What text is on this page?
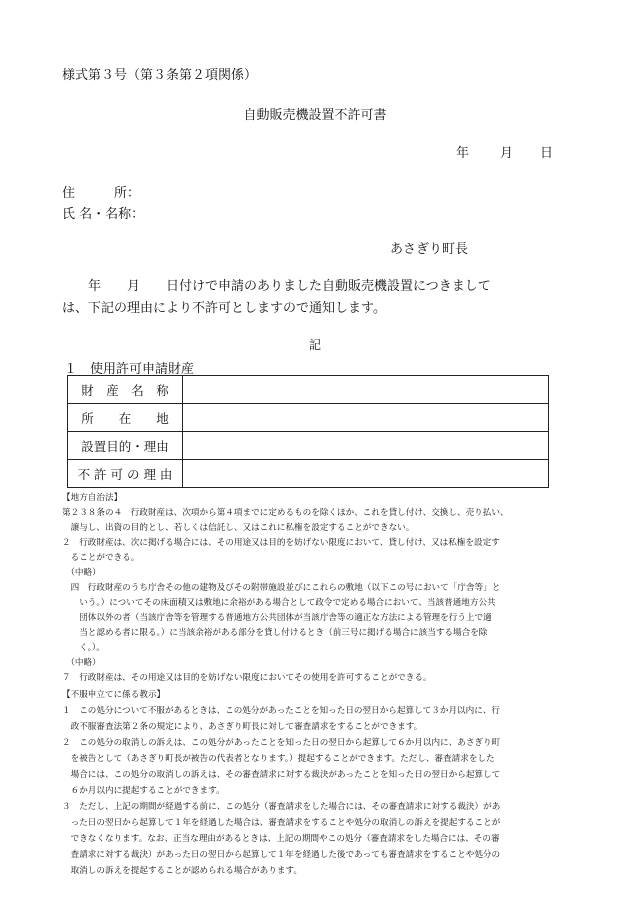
様式第３号（第３条第２項関係）
自動販売機設置不許可書
年 月 日
住　　　所：
氏 名・名称：
あさぎり町長

　　年　　月　　日付けで申請のありました自動販売機設置につきまして

は、下記の理由により不許可としますので通知します。

記
１　使用許可申請財産
財　産　名　称	
所　　在　　地	
設置目的・理由	
不 許 可 の 理 由	
【地方自治法】
第２３８条の４　行政財産は、次項から第４項までに定めるものを除くほか、これを貸し付け、交換し、売り払い、
　譲与し、出資の目的とし、若しくは信託し、又はこれに私権を設定することができない。
２　行政財産は、次に掲げる場合には、その用途又は目的を妨げない限度において、貸し付け、又は私権を設定す
　ることができる。
　（中略）
　四　行政財産のうち庁舎その他の建物及びその附帯施設並びにこれらの敷地（以下この号において「庁舎等」と
　　いう。）についてその床面積又は敷地に余裕がある場合として政令で定める場合において、当該普通地方公共
　　団体以外の者（当該庁舎等を管理する普通地方公共団体が当該庁舎等の適正な方法による管理を行う上で適
　　当と認める者に限る。）に当該余裕がある部分を貸し付けるとき（前三号に掲げる場合に該当する場合を除
　　く。）。
　（中略）
７　行政財産は、その用途又は目的を妨げない限度においてその使用を許可することができる。
【不服申立てに係る教示】
１　この処分について不服があるときは、この処分があったことを知った日の翌日から起算して３か月以内に、行
　政不服審査法第２条の規定により、あさぎり町長に対して審査請求をすることができます。
２　この処分の取消しの訴えは、この処分があったことを知った日の翌日から起算して６か月以内に、あさぎり町
　を被告として（あさぎり町長が被告の代表者となります。）提起することができます。ただし、審査請求をした
　場合には、この処分の取消しの訴えは、その審査請求に対する裁決があったことを知った日の翌日から起算して
　６か月以内に提起することができます。
３　ただし、上記の期間が経過する前に、この処分（審査請求をした場合には、その審査請求に対する裁決）があ
　った日の翌日から起算して１年を経過した場合は、審査請求をすることや処分の取消しの訴えを提起することが
　できなくなります。なお、正当な理由があるときは、上記の期間やこの処分（審査請求をした場合には、その審
　査請求に対する裁決）があった日の翌日から起算して１年を経過した後であっても審査請求をすることや処分の
　取消しの訴えを提起することが認められる場合があります。
